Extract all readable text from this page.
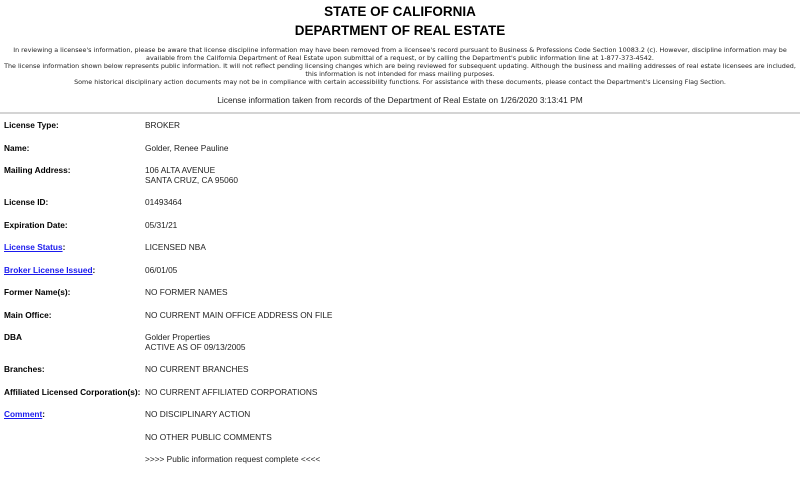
STATE OF CALIFORNIA
DEPARTMENT OF REAL ESTATE

In reviewing a licensee's information, please be aware that license discipline information may have been removed from a licensee's record pursuant to Business & Professions Code Section 10083.2 (c). However, discipline information may be available from the California Department of Real Estate upon submittal of a request, or by calling the Department's public information line at 1-877-373-4542.

The license information shown below represents public information. It will not reflect pending licensing changes which are being reviewed for subsequent updating. Although the business and mailing addresses of real estate licensees are included, this information is not intended for mass mailing purposes.

Some historical disciplinary action documents may not be in compliance with certain accessibility functions. For assistance with these documents, please contact the Department's Licensing Flag Section.

License information taken from records of the Department of Real Estate on 1/26/2020 3:13:41 PM
License Type:	BROKER
Name:	Golder, Renee Pauline
Mailing Address:	106 ALTA AVENUE
SANTA CRUZ, CA 95060

License ID:	01493464
Expiration Date:	05/31/21
License Status:	LICENSED NBA
Broker License Issued:	06/01/05
Former Name(s):	NO FORMER NAMES
Main Office:	NO CURRENT MAIN OFFICE ADDRESS ON FILE
DBA	Golder Properties
ACTIVE AS OF 09/13/2005

Branches:	NO CURRENT BRANCHES
Affiliated Licensed Corporation(s):	NO CURRENT AFFILIATED CORPORATIONS
Comment:	NO DISCIPLINARY ACTION
	NO OTHER PUBLIC COMMENTS
	>>>> Public information request complete <<<<
